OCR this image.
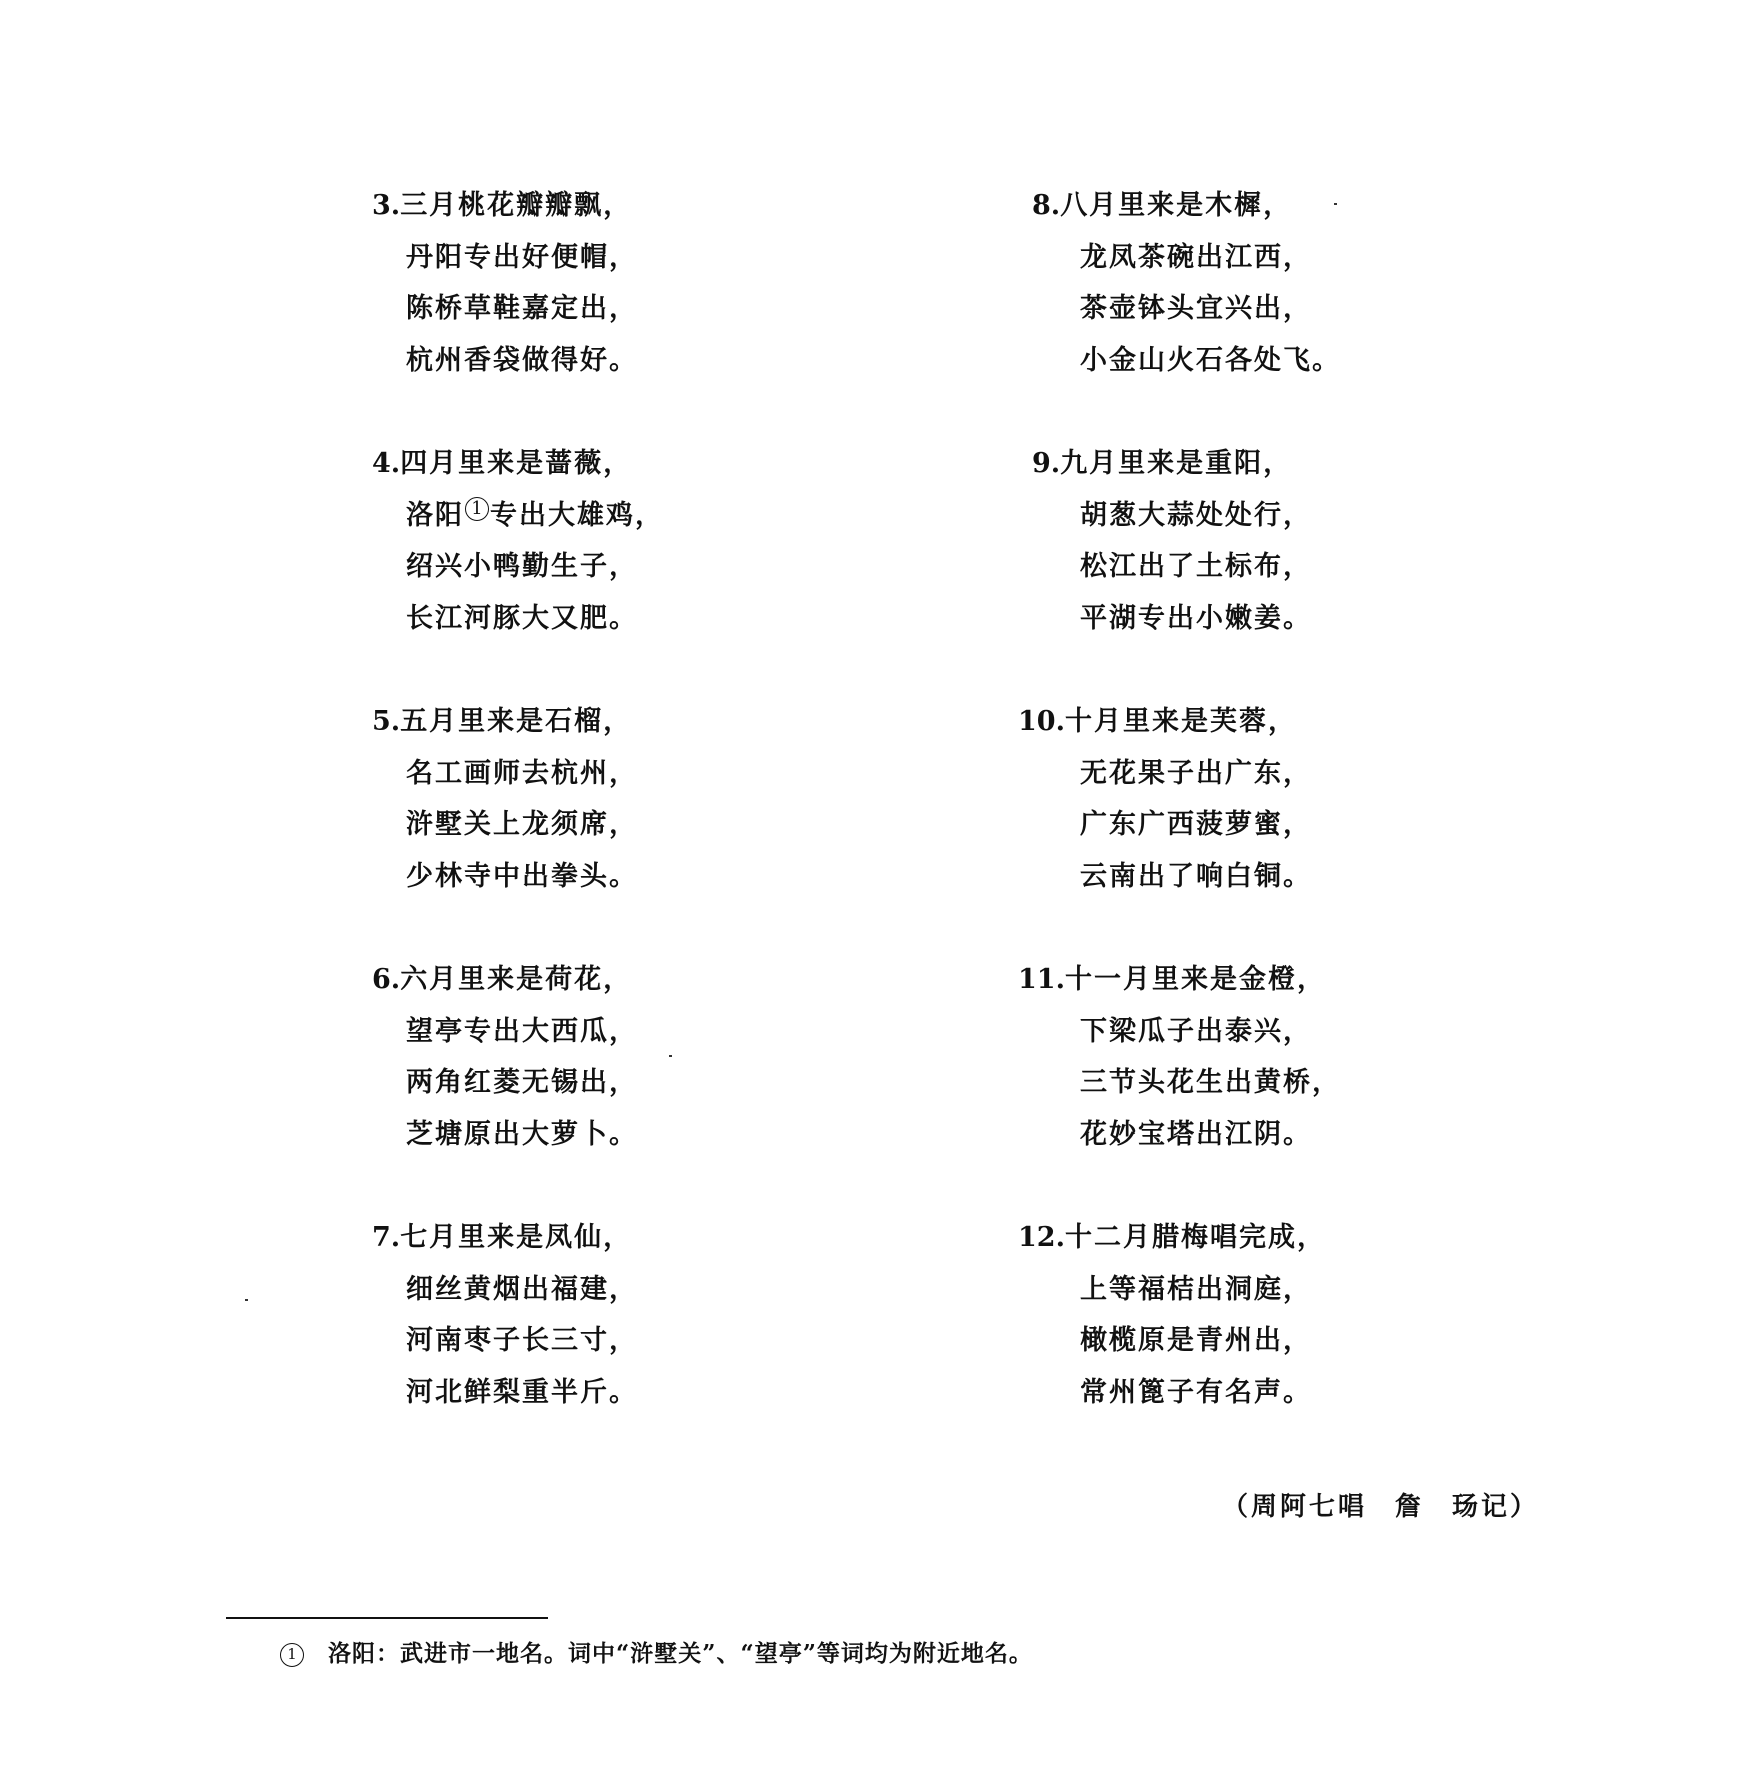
3.三月桃花瓣瓣飘，
丹阳专出好便帽，
陈桥草鞋嘉定出，
杭州香袋做得好。
4.四月里来是蔷薇，
洛阳 1 专出大雄鸡，
绍兴小鸭勤生子，
长江河豚大又肥。
5.五月里来是石榴，
名工画师去杭州，
浒墅关上龙须席，
少林寺中出拳头。
6.六月里来是荷花，
望亭专出大西瓜，
两角红菱无锡出，
芝塘原出大萝卜。
7.七月里来是凤仙，
细丝黄烟出福建，
河南枣子长三寸，
河北鲜梨重半斤。
8.八月里来是木樨，
龙凤茶碗出江西，
茶壶钵头宜兴出，
小金山火石各处飞。
9.九月里来是重阳，
胡葱大蒜处处行，
松江出了土标布，
平湖专出小嫩姜。
10.十月里来是芙蓉，
无花果子出广东，
广东广西菠萝蜜，
云南出了响白铜。
11.十一月里来是金橙，
下梁瓜子出泰兴，
三节头花生出黄桥，
花妙宝塔出江阴。
12.十二月腊梅唱完成，
上等福桔出洞庭，
橄榄原是青州出，
常州篦子有名声。
（周阿七唱 詹 玚记）
1 洛阳：武进市一地名。词中“浒墅关”、“望亭”等词均为附近地名。
